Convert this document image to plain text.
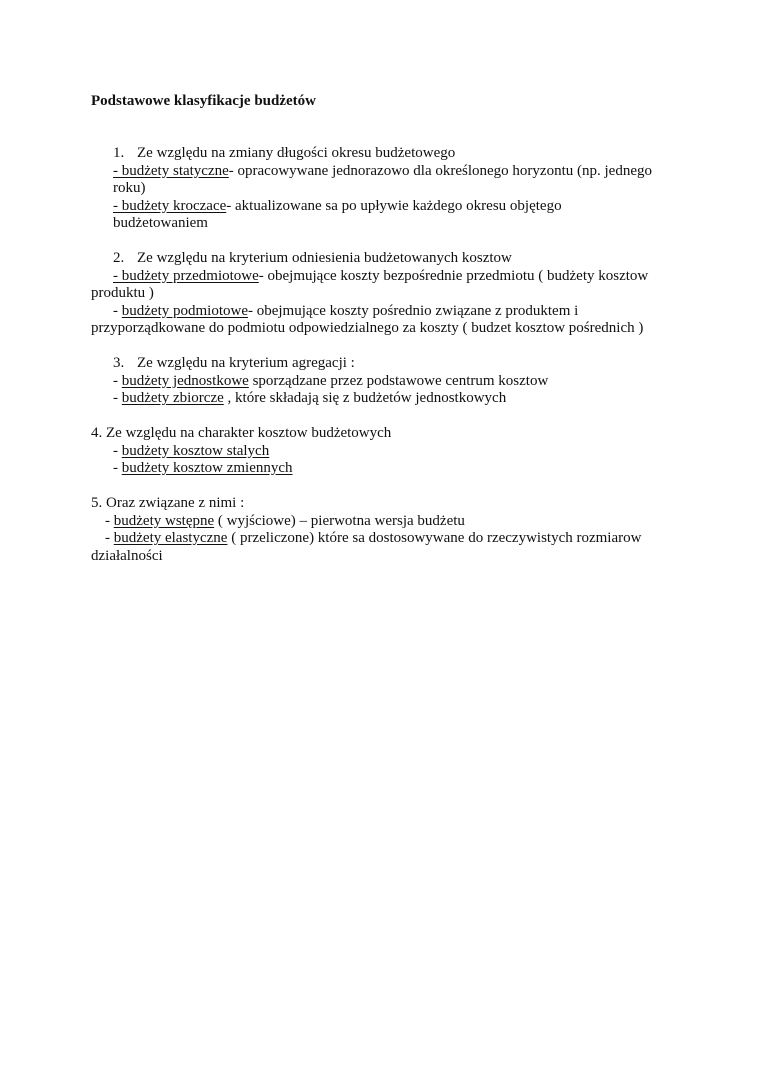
Podstawowe klasyfikacje budżetów
1. Ze względu na zmiany długości okresu budżetowego
- budżety statyczne- opracowywane jednorazowo dla określonego horyzontu (np. jednego
roku)
- budżety kroczace- aktualizowane sa po upływie każdego okresu objętego
budżetowaniem
2. Ze względu na kryterium odniesienia budżetowanych kosztow
- budżety przedmiotowe- obejmujące koszty bezpośrednie przedmiotu ( budżety kosztow
produktu )
- budżety podmiotowe- obejmujące koszty pośrednio związane z produktem i
przyporządkowane do podmiotu odpowiedzialnego za koszty ( budzet kosztow pośrednich )
3. Ze względu na kryterium agregacji :
- budżety jednostkowe sporządzane przez podstawowe centrum kosztow
- budżety zbiorcze , które składają się z budżetów jednostkowych
4. Ze względu na charakter kosztow budżetowych
- budżety kosztow stalych
- budżety kosztow zmiennych
5. Oraz związane z nimi :
- budżety wstępne ( wyjściowe) – pierwotna wersja budżetu
- budżety elastyczne ( przeliczone) które sa dostosowywane do rzeczywistych rozmiarow
działalności
